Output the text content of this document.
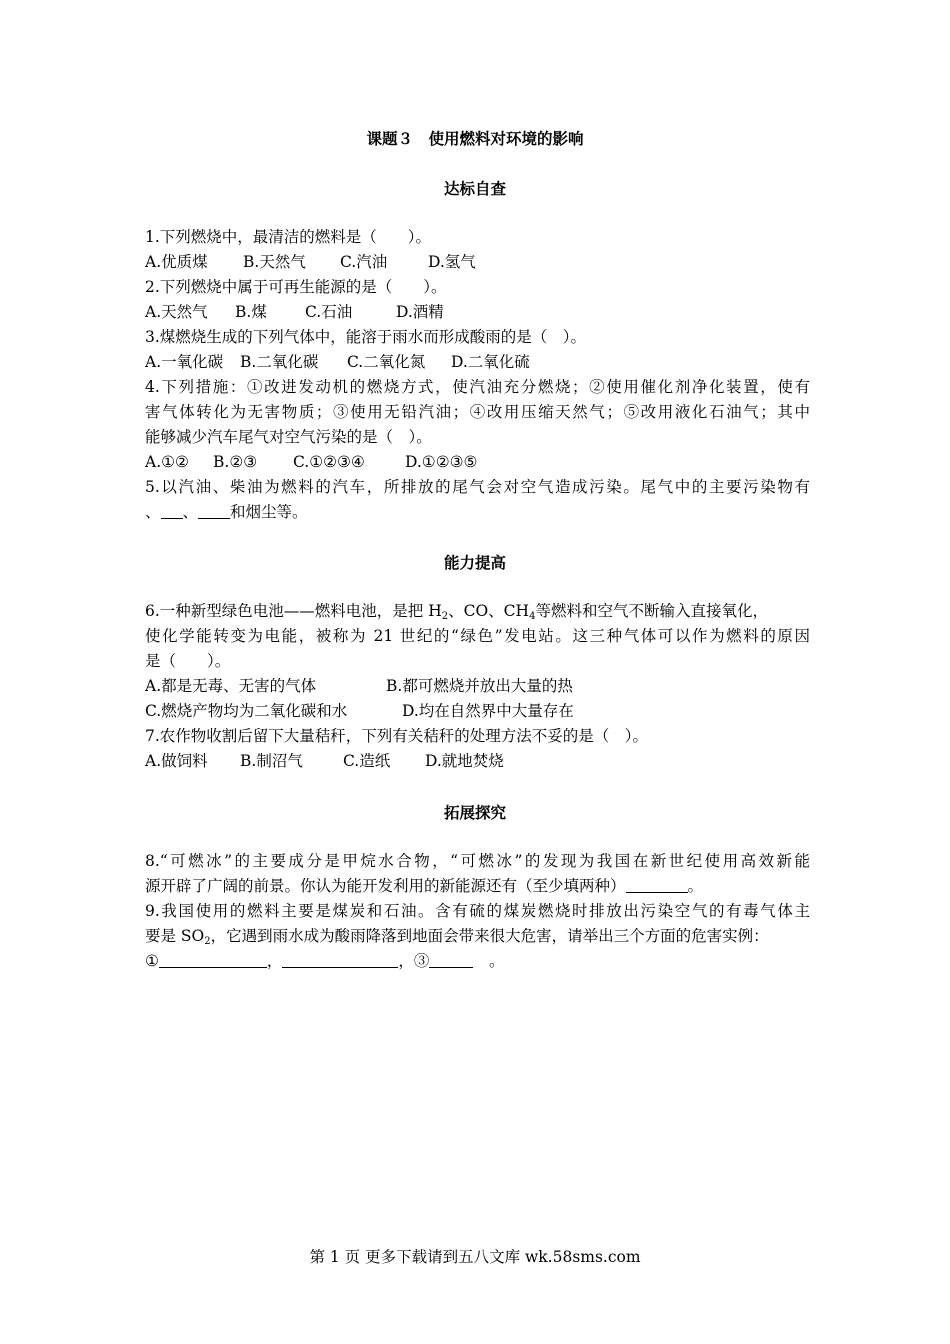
课题３　使用燃料对环境的影响
达标自查
1.下列燃烧中，最清洁的燃料是（　　）。
A.优质煤 B.天然气 C.汽油	D.氢气
2.下列燃烧中属于可再生能源的是（　　）。
A.天然气 B.煤 C.石油	D.酒精
3.煤燃烧生成的下列气体中，能溶于雨水而形成酸雨的是（　）。
A.一氧化碳 B.二氧化碳 C.二氧化氮 D.二氧化硫
4.下列措施：①改进发动机的燃烧方式，使汽油充分燃烧；②使用催化剂净化装置，使有
害气体转化为无害物质；③使用无铅汽油；④改用压缩天然气；⑤改用液化石油气；其中
能够减少汽车尾气对空气污染的是（　）。
A.①② B.②③ C.①②③④	D.①②③⑤
5.以汽油、柴油为燃料的汽车，所排放的尾气会对空气造成污染。尾气中的主要污染物有
、 、 和烟尘等。
能力提高
6.一种新型绿色电池——燃料电池，是把 $H_2$、CO、$CH_4$等燃料和空气不断输入直接氧化，
使化学能转变为电能，被称为 21 世纪的“绿色”发电站。这三种气体可以作为燃料的原因
是（　　）。
A.都是无毒、无害的气体	B.都可燃烧并放出大量的热
C.燃烧产物均为二氧化碳和水	D.均在自然界中大量存在
7.农作物收割后留下大量秸秆，下列有关秸秆的处理方法不妥的是（　）。
A.做饲料 B.制沼气	C.造纸 D.就地焚烧
拓展探究
8.“可燃冰”的主要成分是甲烷水合物，“可燃冰”的发现为我国在新世纪使用高效新能
源开辟了广阔的前景。你认为能开发利用的新能源还有（至少填两种）	。
9.我国使用的燃料主要是煤炭和石油。含有硫的煤炭燃烧时排放出污染空气的有毒气体主
要是 $SO_2$，它遇到雨水成为酸雨降落到地面会带来很大危害，请举出三个方面的危害实例：
①	，	，③	　。
第 1 页 更多下载请到五八文库 wk.58sms.com
